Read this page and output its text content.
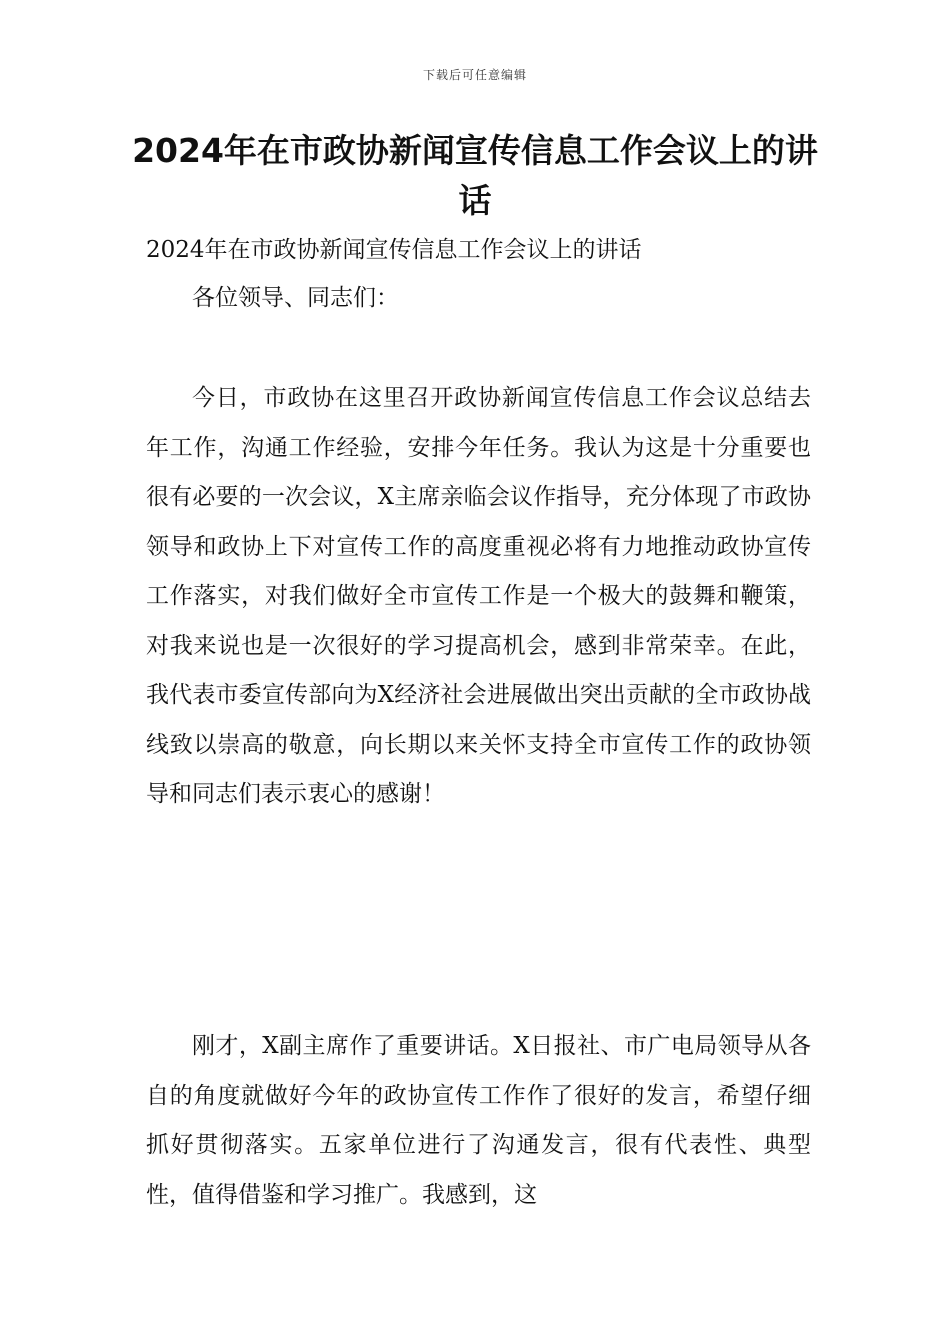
下载后可任意编辑
2024年在市政协新闻宣传信息工作会议上的讲话

2024年在市政协新闻宣传信息工作会议上的讲话

各位领导、同志们：

今日，市政协在这里召开政协新闻宣传信息工作会议总结去年工作，沟通工作经验，安排今年任务。我认为这是十分重要也很有必要的一次会议，X主席亲临会议作指导，充分体现了市政协领导和政协上下对宣传工作的高度重视必将有力地推动政协宣传工作落实，对我们做好全市宣传工作是一个极大的鼓舞和鞭策，对我来说也是一次很好的学习提高机会，感到非常荣幸。在此，我代表市委宣传部向为X经济社会进展做出突出贡献的全市政协战线致以崇高的敬意，向长期以来关怀支持全市宣传工作的政协领导和同志们表示衷心的感谢！

刚才，X副主席作了重要讲话。X日报社、市广电局领导从各自的角度就做好今年的政协宣传工作作了很好的发言，希望仔细抓好贯彻落实。五家单位进行了沟通发言，很有代表性、典型性，值得借鉴和学习推广。我感到，这
